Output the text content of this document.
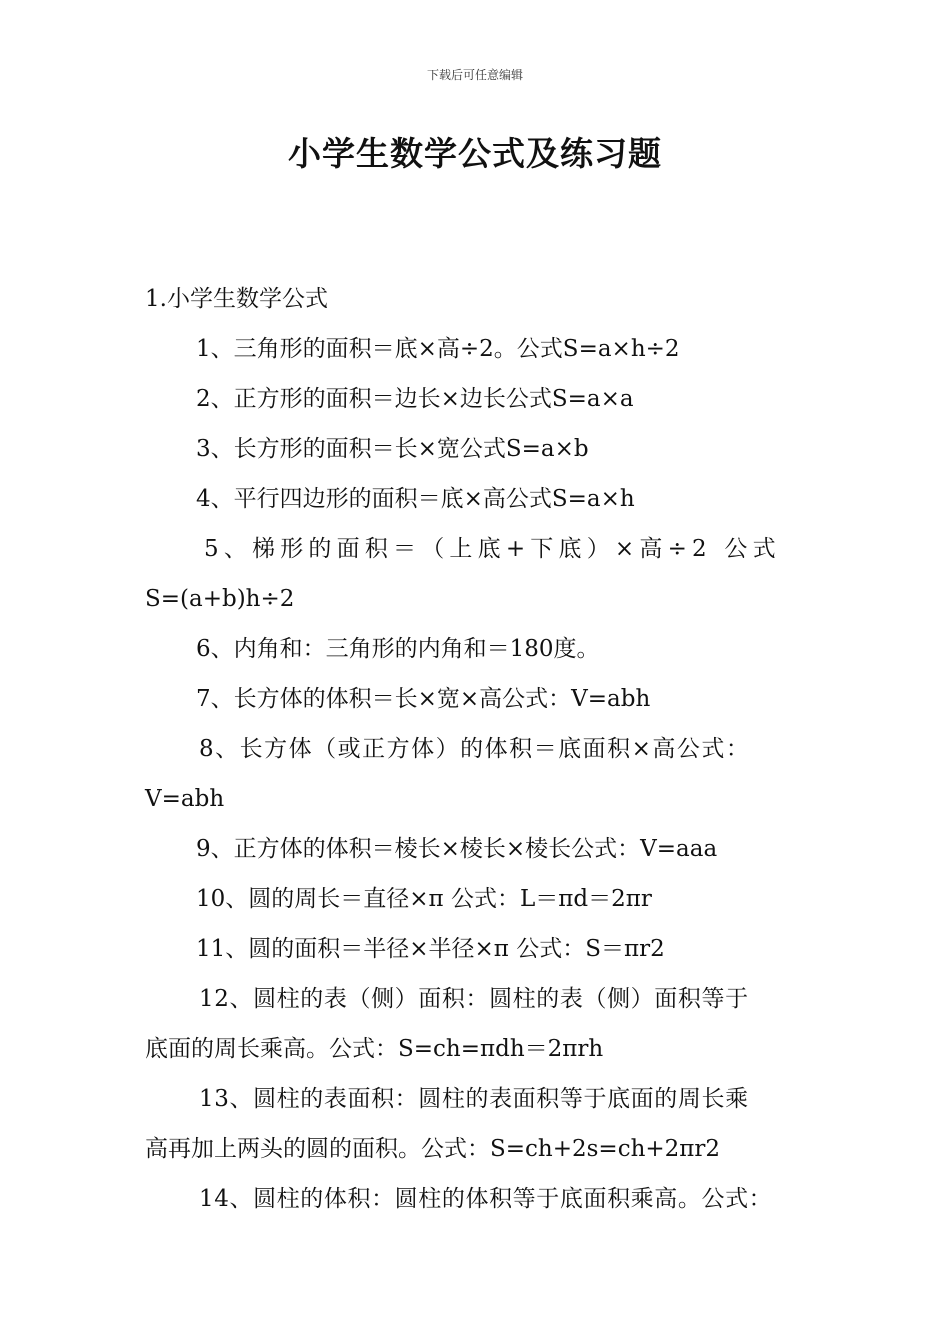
下载后可任意编辑
小学生数学公式及练习题
1.小学生数学公式
1、三角形的面积＝底×高÷2。公式S=a×h÷2
2、正方形的面积＝边长×边长公式S=a×a
3、长方形的面积＝长×宽公式S=a×b
4、平行四边形的面积＝底×高公式S=a×h
5、梯形的面积＝（上底+下底）×高÷2 公式
S=(a+b)h÷2
6、内角和：三角形的内角和＝180度。
7、长方体的体积＝长×宽×高公式：V=abh
8、长方体（或正方体）的体积＝底面积×高公式：
V=abh
9、正方体的体积＝棱长×棱长×棱长公式：V=aaa
10、圆的周长＝直径×π 公式：L＝πd＝2πr
11、圆的面积＝半径×半径×π 公式：S＝πr2
12、圆柱的表（侧）面积：圆柱的表（侧）面积等于
底面的周长乘高。公式：S=ch=πdh＝2πrh
13、圆柱的表面积：圆柱的表面积等于底面的周长乘
高再加上两头的圆的面积。公式：S=ch+2s=ch+2πr2
14、圆柱的体积：圆柱的体积等于底面积乘高。公式：
